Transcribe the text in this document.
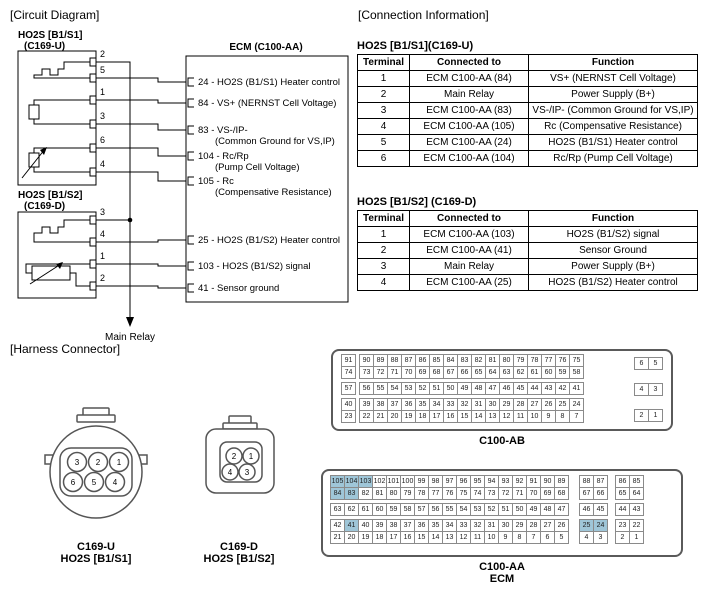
[Circuit Diagram]	[Connection Information]
[Harness Connector]
HO2S [B1/S1]
(C169-U)
HO2S [B1/S2]
(C169-D)
ECM (C100-AA)
Main Relay
2
5
1
3
6
4
3
4
1
2
24 - HO2S (B1/S1) Heater control
84 - VS+ (NERNST Cell Voltage)
83 - VS-/IP-
(Common Ground for VS,IP)
104 - Rc/Rp
(Pump Cell Voltage)
105 - Rc
(Compensative Resistance)
25 - HO2S (B1/S2) Heater control
103 - HO2S (B1/S2) signal
41 - Sensor ground
HO2S [B1/S1](C169-U)
Terminal	Connected to	Function
1	ECM C100-AA (84)	VS+ (NERNST Cell Voltage)
2	Main Relay	Power Supply (B+)
3	ECM C100-AA (83)	VS-/IP- (Common Ground for VS,IP)
4	ECM C100-AA (105)	Rc (Compensative Resistance)
5	ECM C100-AA (24)	HO2S (B1/S1) Heater control
6	ECM C100-AA (104)	Rc/Rp (Pump Cell Voltage)
HO2S [B1/S2] (C169-D)
Terminal	Connected to	Function
1	ECM C100-AA (103)	HO2S (B1/S2) signal
2	ECM C100-AA (41)	Sensor Ground
3	Main Relay	Power Supply (B+)
4	ECM C100-AA (25)	HO2S (B1/S2) Heater control
3 2 1
6 5 4
C169-U
HO2S [B1/S1]
2 1
4 3
C169-D
HO2S [B1/S2]
91	90 89 88 87 86 85 84 83 82 81 80 79 78 77 76 75
74	73 72 71 70 69 68 67 66 65 64 63 62 61 60 59 58
57	56 55 54 53 52 51 50 49 48 47 46 45 44 43 42 41
40	39 38 37 36 35 34 33 32 31 30 29 28 27 26 25 24
23	22 21 20 19 18 17 16 15 14 13 12 11 10	9	8	7
6	5
4	3
2	1
C100-AB
105 104 103 102 101 100 99 98 97 96 95 94 93 92 91 90 89	88 87	86 85
84 83 82 81 80 79 78 77 76 75 74 73 72 71 70 69 68	67 66	65 64
63 62 61 60 59 58 57 56 55 54 53 52 51 50 49 48 47	46 45	44 43
42 41 40 39 38 37 36 35 34 33 32 31 30 29 28 27 26	25 24	23 22
21 20 19 18 17 16 15 14 13 12 11 10	9	8	7	6	5	4	3	2	1
C100-AA
ECM
